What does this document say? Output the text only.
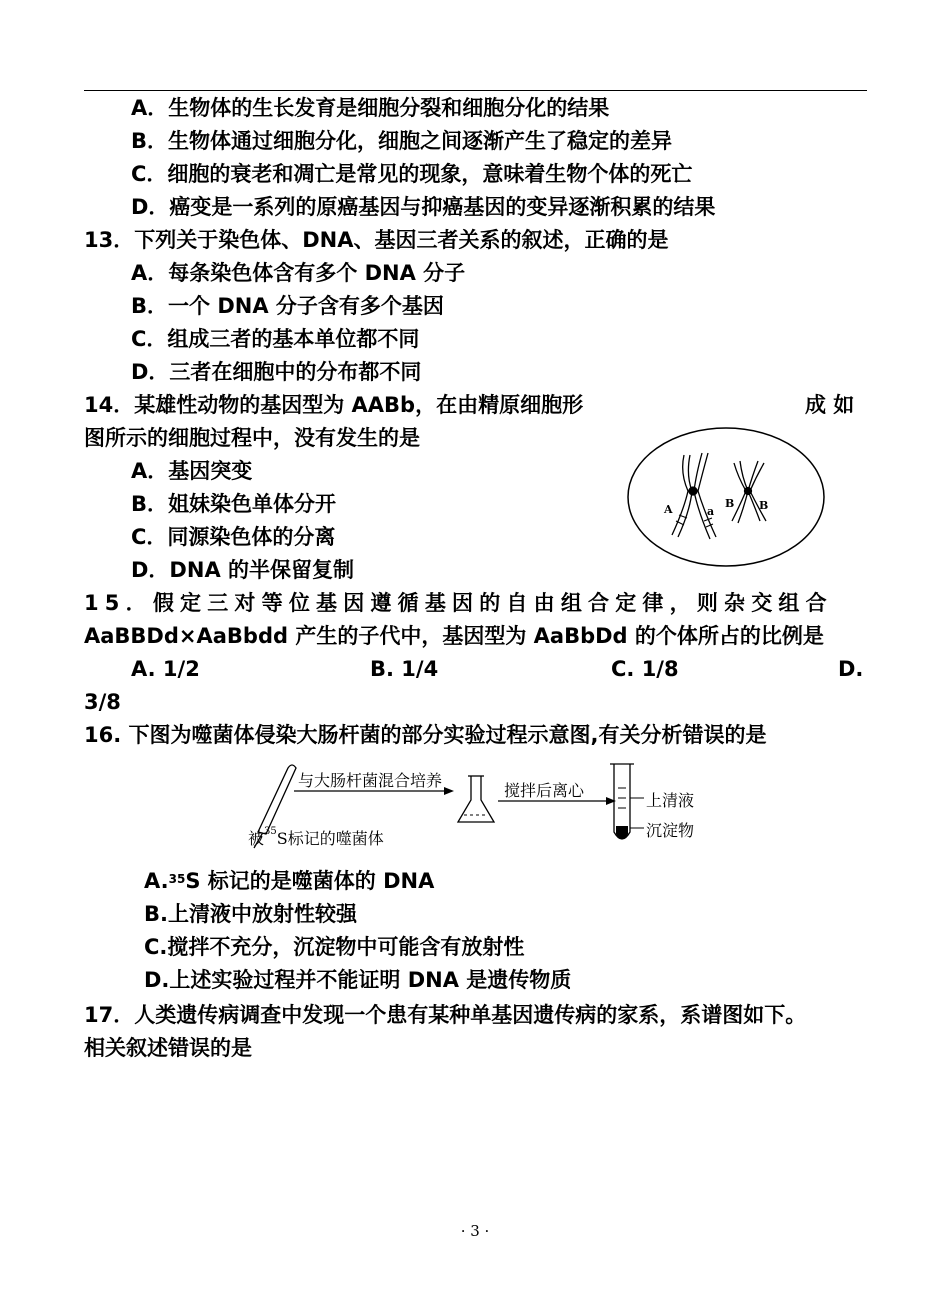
A．生物体的生长发育是细胞分裂和细胞分化的结果
B．生物体通过细胞分化，细胞之间逐渐产生了稳定的差异
C．细胞的衰老和凋亡是常见的现象，意味着生物个体的死亡
D．癌变是一系列的原癌基因与抑癌基因的变异逐渐积累的结果
13．下列关于染色体、DNA、基因三者关系的叙述，正确的是
A．每条染色体含有多个 DNA 分子
B．一个 DNA 分子含有多个基因
C．组成三者的基本单位都不同
D．三者在细胞中的分布都不同
14．某雄性动物的基因型为 AABb，在由精原细胞形	成 如
图所示的细胞过程中，没有发生的是
A．基因突变
B．姐妹染色单体分开
C．同源染色体的分离
D．DNA 的半保留复制
A	a
B B
15．假定三对等位基因遵循基因的自由组合定律，则杂交组合
AaBBDd×AaBbdd 产生的子代中，基因型为 AaBbDd 的个体所占的比例是
A. 1/2	B. 1/4	C. 1/8	D.
3/8
16. 下图为噬菌体侵染大肠杆菌的部分实验过程示意图,有关分析错误的是
与大肠杆菌混合培养
搅拌后离心
上清液
沉淀物
被$^{35}$S标记的噬菌体
A.$^{35}$S 标记的是噬菌体的 DNA
B.上清液中放射性较强
C.搅拌不充分，沉淀物中可能含有放射性
D.上述实验过程并不能证明 DNA 是遗传物质
17．人类遗传病调查中发现一个患有某种单基因遗传病的家系，系谱图如下。
相关叙述错误的是
· 3 ·
